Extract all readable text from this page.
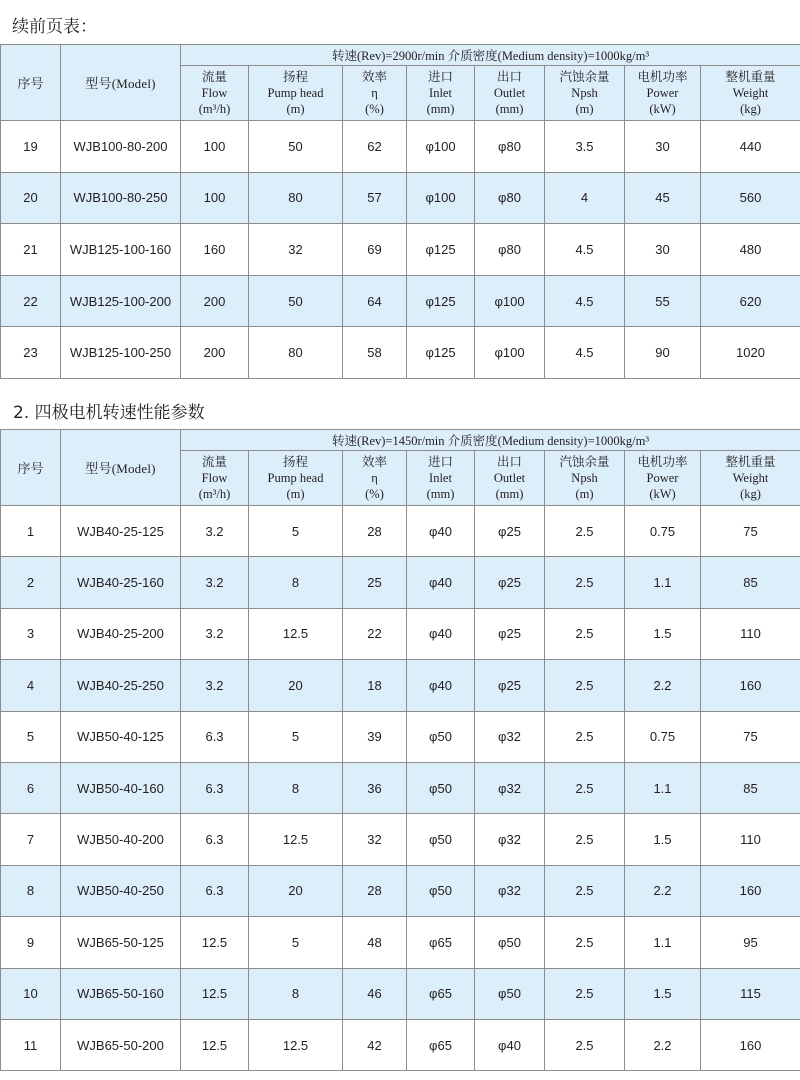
续前页表：
序号	型号(Model)	转速(Rev)=2900r/min 介质密度(Medium density)=1000kg/m³							

		流量
Flow
(m³/h)	扬程
Pump head
(m)	效率
η
(%)	进口
Inlet
(mm)	出口
Outlet
(mm)	汽蚀余量
Npsh
(m)	电机功率
Power
(kW)	整机重量
Weight
(kg)

19	WJB100-80-200	100	50	62	φ100	φ80	3.5	30	440
20	WJB100-80-250	100	80	57	φ100	φ80	4	45	560
21	WJB125-100-160	160	32	69	φ125	φ80	4.5	30	480
22	WJB125-100-200	200	50	64	φ125	φ100	4.5	55	620
23	WJB125-100-250	200	80	58	φ125	φ100	4.5	90	1020
2. 四极电机转速性能参数
序号	型号(Model)	转速(Rev)=1450r/min 介质密度(Medium density)=1000kg/m³							

		流量
Flow
(m³/h)	扬程
Pump head
(m)	效率
η
(%)	进口
Inlet
(mm)	出口
Outlet
(mm)	汽蚀余量
Npsh
(m)	电机功率
Power
(kW)	整机重量
Weight
(kg)

1	WJB40-25-125	3.2	5	28	φ40	φ25	2.5	0.75	75
2	WJB40-25-160	3.2	8	25	φ40	φ25	2.5	1.1	85
3	WJB40-25-200	3.2	12.5	22	φ40	φ25	2.5	1.5	110
4	WJB40-25-250	3.2	20	18	φ40	φ25	2.5	2.2	160
5	WJB50-40-125	6.3	5	39	φ50	φ32	2.5	0.75	75
6	WJB50-40-160	6.3	8	36	φ50	φ32	2.5	1.1	85
7	WJB50-40-200	6.3	12.5	32	φ50	φ32	2.5	1.5	110
8	WJB50-40-250	6.3	20	28	φ50	φ32	2.5	2.2	160
9	WJB65-50-125	12.5	5	48	φ65	φ50	2.5	1.1	95
10	WJB65-50-160	12.5	8	46	φ65	φ50	2.5	1.5	115
11	WJB65-50-200	12.5	12.5	42	φ65	φ40	2.5	2.2	160
